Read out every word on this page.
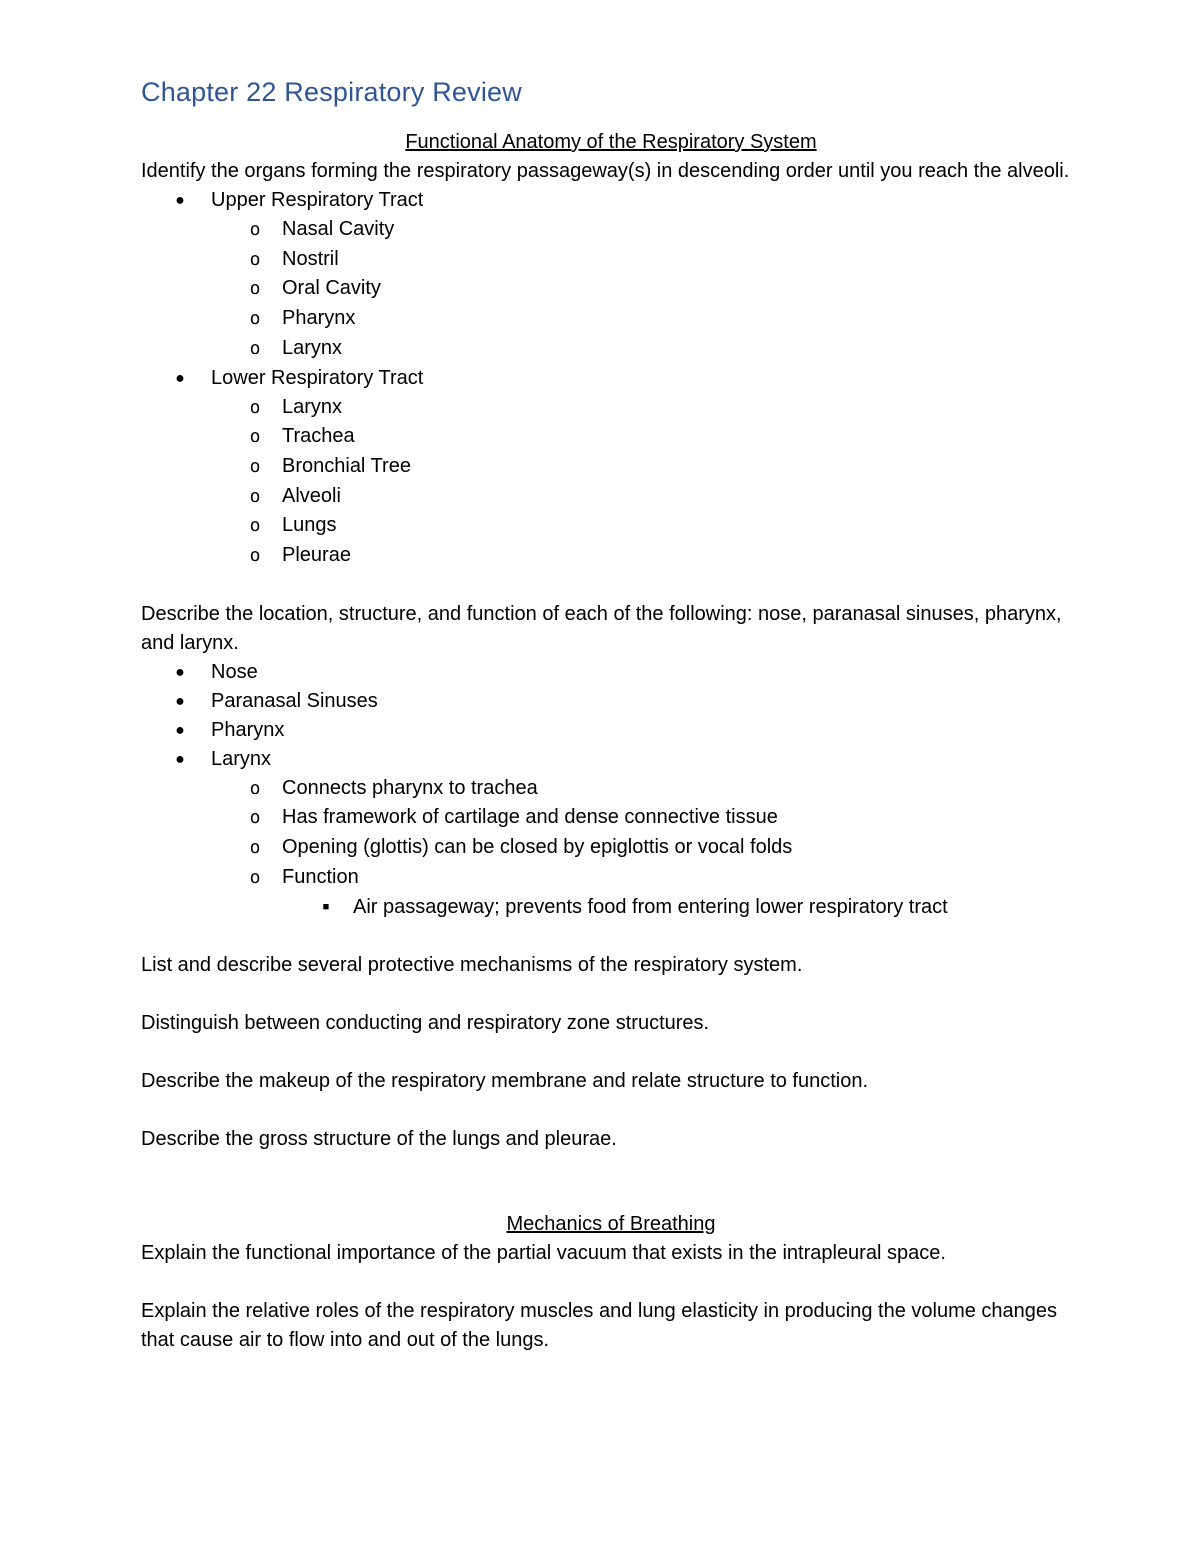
Chapter 22 Respiratory Review
Functional Anatomy of the Respiratory System

Identify the organs forming the respiratory passageway(s) in descending order until you reach the alveoli.

● Upper Respiratory Tract
o Nasal Cavity
o Nostril
o Oral Cavity
o Pharynx
o Larynx
● Lower Respiratory Tract
o Larynx
o Trachea
o Bronchial Tree
o Alveoli
o Lungs
o Pleurae

Describe the location, structure, and function of each of the following: nose, paranasal sinuses, pharynx, and larynx.

● Nose
● Paranasal Sinuses
● Pharynx
● Larynx
o Connects pharynx to trachea
o Has framework of cartilage and dense connective tissue
o Opening (glottis) can be closed by epiglottis or vocal folds
o Function
■	Air passageway; prevents food from entering lower respiratory tract

List and describe several protective mechanisms of the respiratory system.

Distinguish between conducting and respiratory zone structures.

Describe the makeup of the respiratory membrane and relate structure to function.

Describe the gross structure of the lungs and pleurae.

Mechanics of Breathing

Explain the functional importance of the partial vacuum that exists in the intrapleural space.

Explain the relative roles of the respiratory muscles and lung elasticity in producing the volume changes that cause air to flow into and out of the lungs.
